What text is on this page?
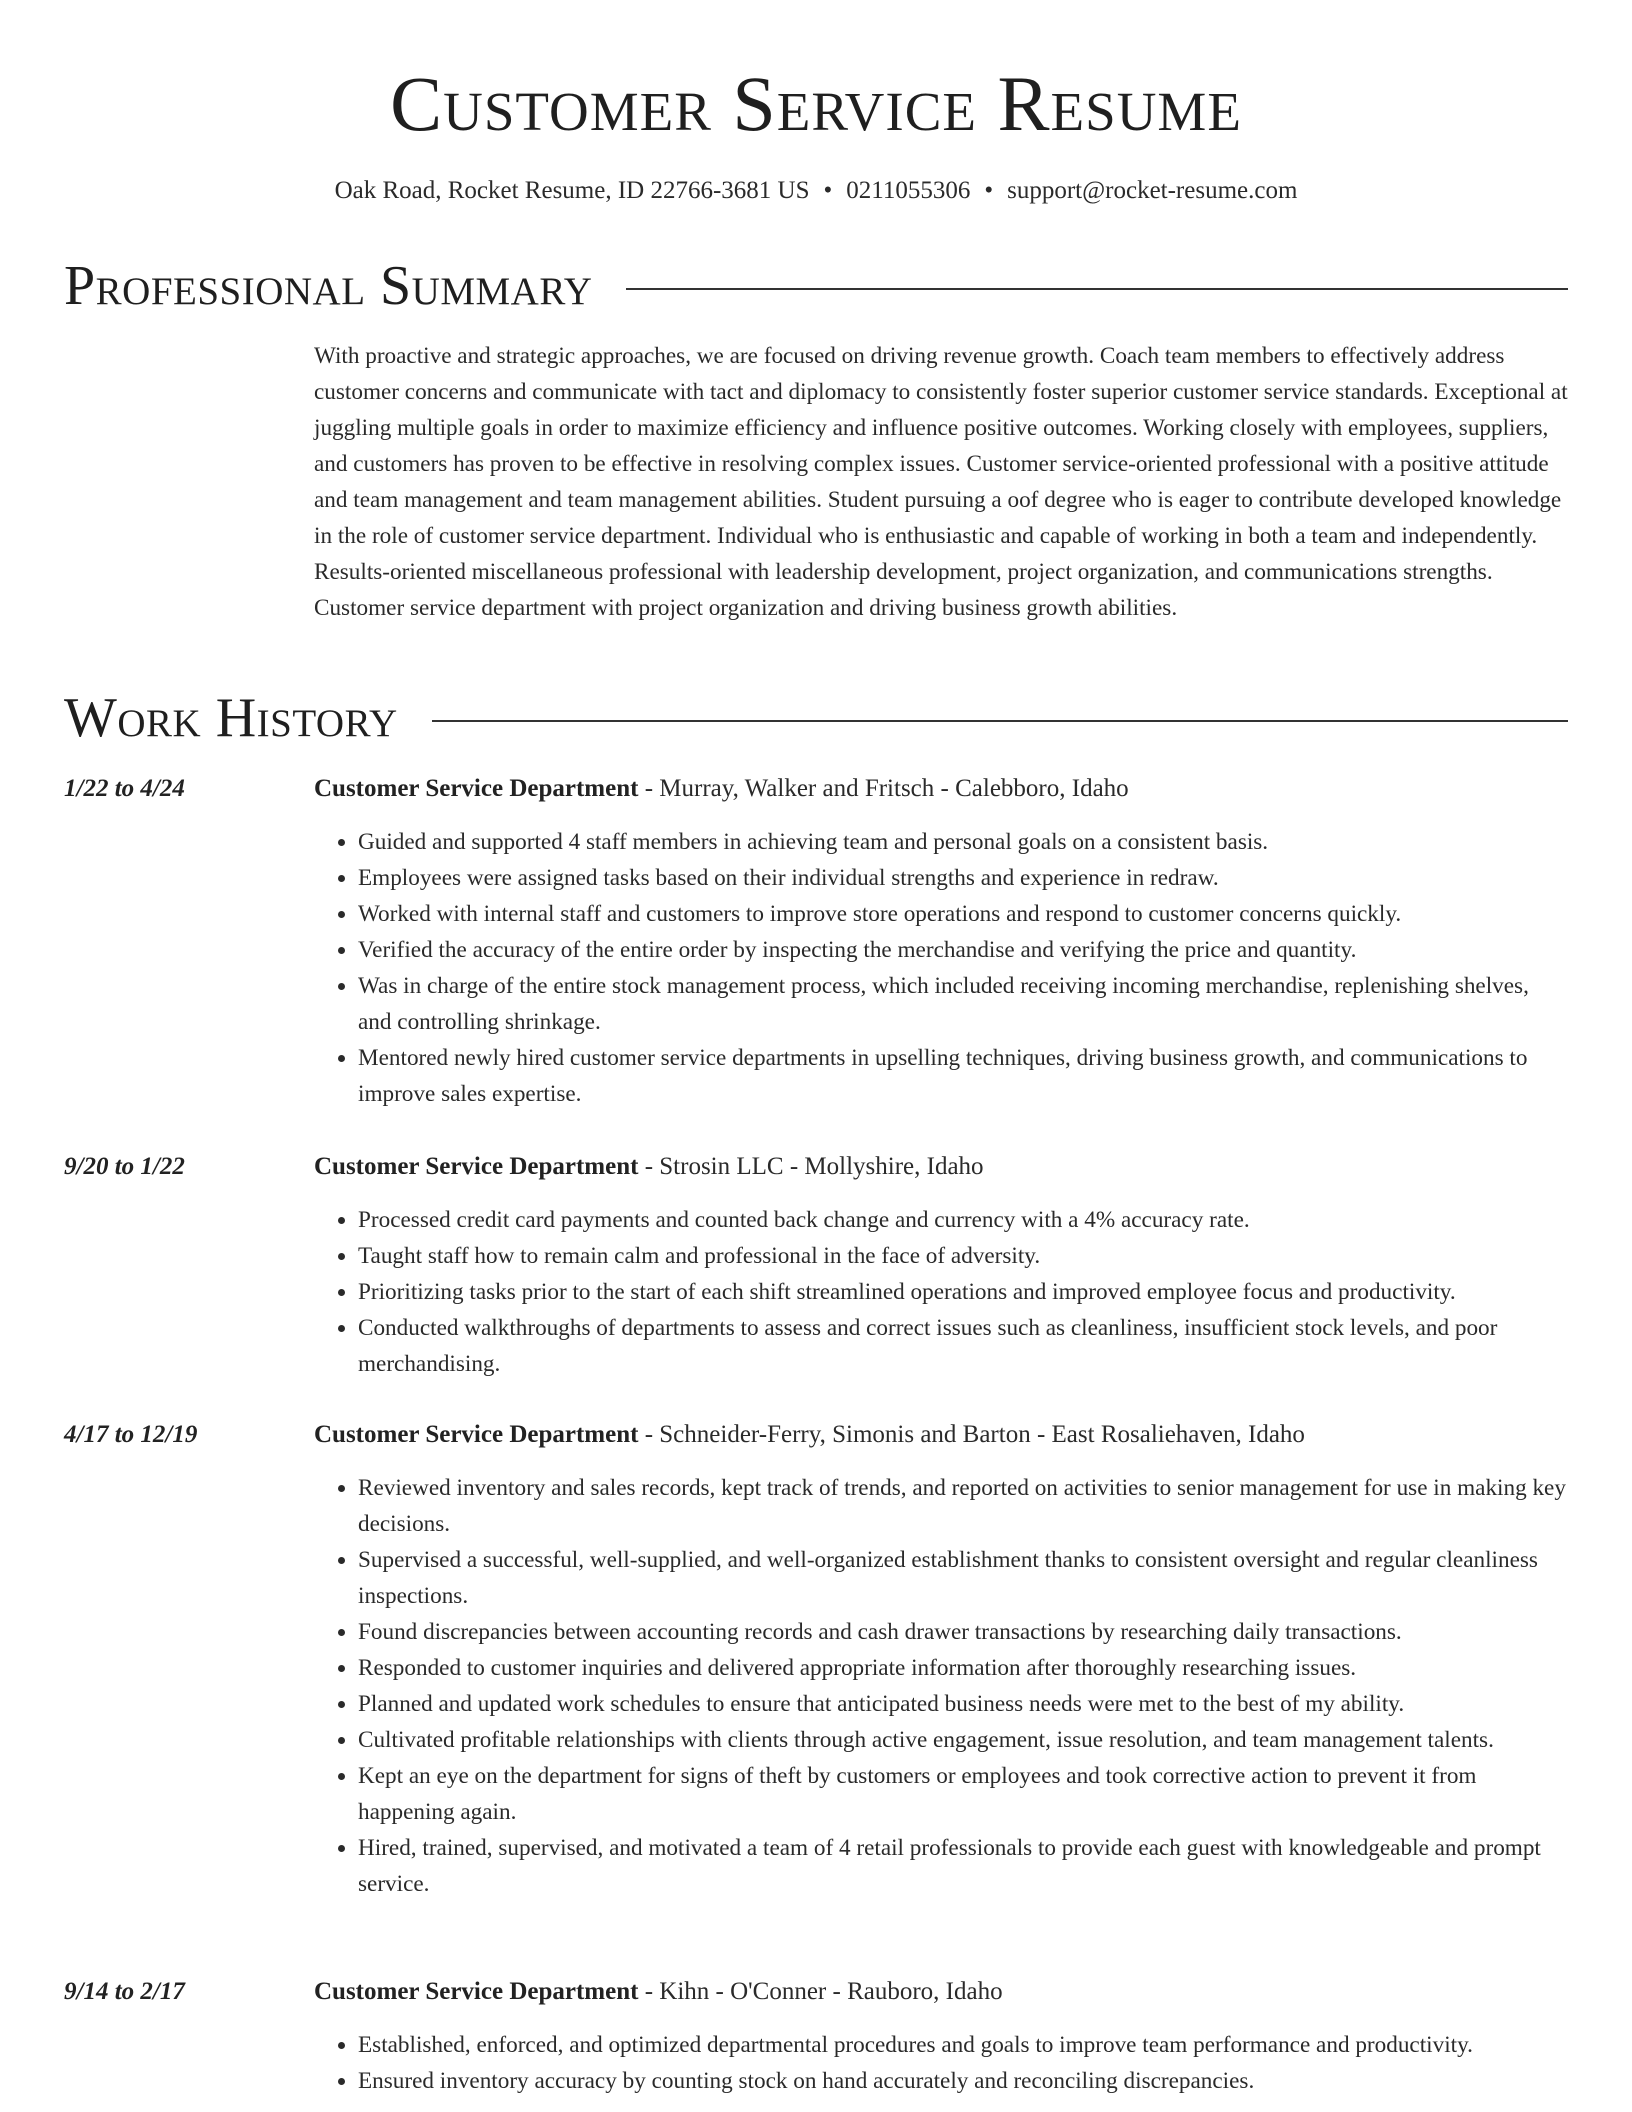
Customer Service Resume
Oak Road, Rocket Resume, ID 22766-3681 US • 0211055306 • support@rocket-resume.com
Professional Summary

With proactive and strategic approaches, we are focused on driving revenue growth. Coach team members to effectively address customer concerns and communicate with tact and diplomacy to consistently foster superior customer service standards. Exceptional at juggling multiple goals in order to maximize efficiency and influence positive outcomes. Working closely with employees, suppliers, and customers has proven to be effective in resolving complex issues. Customer service-oriented professional with a positive attitude and team management and team management abilities. Student pursuing a oof degree who is eager to contribute developed knowledge in the role of customer service department. Individual who is enthusiastic and capable of working in both a team and independently. Results-oriented miscellaneous professional with leadership development, project organization, and communications strengths. Customer service department with project organization and driving business growth abilities.

Work History
1/22 to 4/24	Customer Service Department - Murray, Walker and Fritsch - Calebboro, Idaho
• Guided and supported 4 staff members in achieving team and personal goals on a consistent basis.
• Employees were assigned tasks based on their individual strengths and experience in redraw.
• Worked with internal staff and customers to improve store operations and respond to customer concerns quickly.
• Verified the accuracy of the entire order by inspecting the merchandise and verifying the price and quantity.
• Was in charge of the entire stock management process, which included receiving incoming merchandise, replenishing shelves, and controlling shrinkage.
• Mentored newly hired customer service departments in upselling techniques, driving business growth, and communications to improve sales expertise.
9/20 to 1/22	Customer Service Department - Strosin LLC - Mollyshire, Idaho
• Processed credit card payments and counted back change and currency with a 4% accuracy rate.
• Taught staff how to remain calm and professional in the face of adversity.
• Prioritizing tasks prior to the start of each shift streamlined operations and improved employee focus and productivity.
• Conducted walkthroughs of departments to assess and correct issues such as cleanliness, insufficient stock levels, and poor merchandising.
4/17 to 12/19	Customer Service Department - Schneider-Ferry, Simonis and Barton - East Rosaliehaven, Idaho
• Reviewed inventory and sales records, kept track of trends, and reported on activities to senior management for use in making key decisions.
• Supervised a successful, well-supplied, and well-organized establishment thanks to consistent oversight and regular cleanliness inspections.
• Found discrepancies between accounting records and cash drawer transactions by researching daily transactions.
• Responded to customer inquiries and delivered appropriate information after thoroughly researching issues.
• Planned and updated work schedules to ensure that anticipated business needs were met to the best of my ability.
• Cultivated profitable relationships with clients through active engagement, issue resolution, and team management talents.
• Kept an eye on the department for signs of theft by customers or employees and took corrective action to prevent it from happening again.
• Hired, trained, supervised, and motivated a team of 4 retail professionals to provide each guest with knowledgeable and prompt service.
9/14 to 2/17	Customer Service Department - Kihn - O'Conner - Rauboro, Idaho
• Established, enforced, and optimized departmental procedures and goals to improve team performance and productivity.
• Ensured inventory accuracy by counting stock on hand accurately and reconciling discrepancies.
